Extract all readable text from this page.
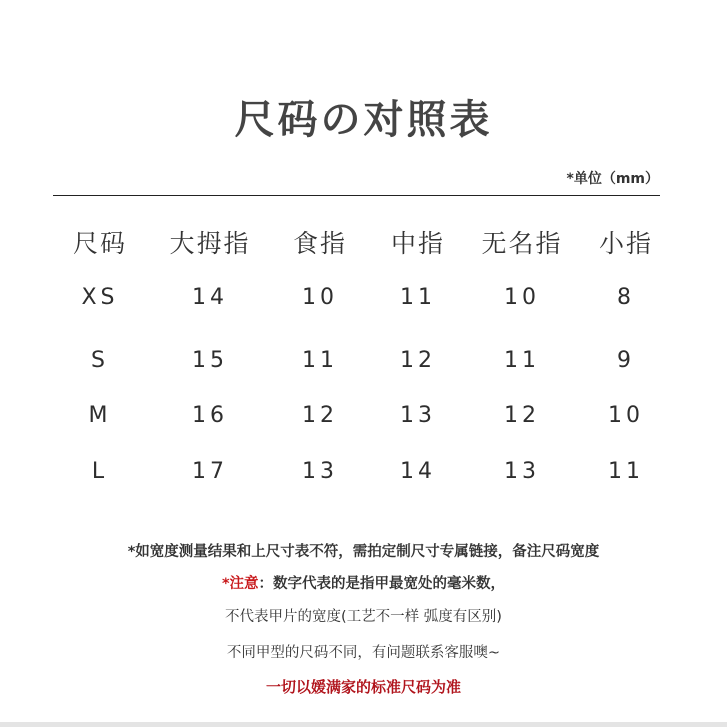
尺码の对照表
*单位（mm）
尺码	大拇指	食指	中指	无名指	小指
XS	14	10	11	10	8
S	15	11	12	11	9
M	16	12	13	12	10
L	17	13	14	13	11
*如宽度测量结果和上尺寸表不符，需拍定制尺寸专属链接，备注尺码宽度
*注意：数字代表的是指甲最宽处的毫米数，
不代表甲片的宽度(工艺不一样 弧度有区别)
不同甲型的尺码不同，有问题联系客服噢~
一切以媛满家的标准尺码为准
